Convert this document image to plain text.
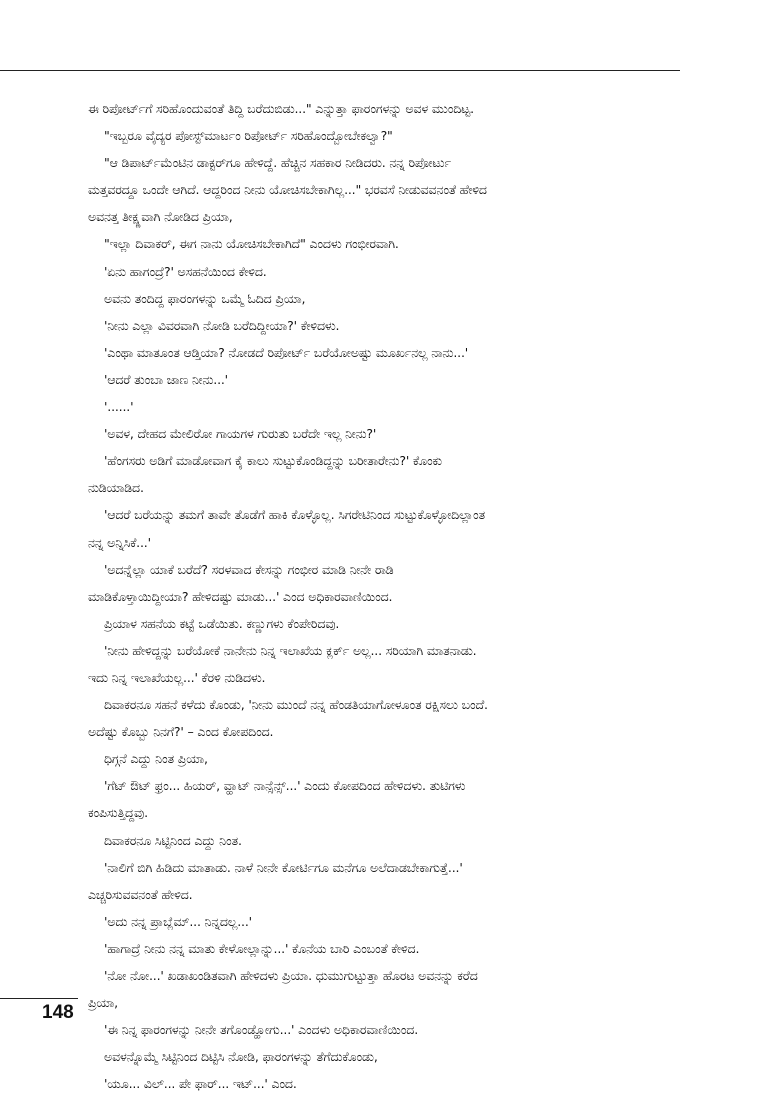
ಈ ರಿಪೋರ್ಟ್‌ಗೆ ಸರಿಹೊಂದುವಂತೆ ತಿದ್ದಿ ಬರೆದುಬಿಡು..." ಎನ್ನುತ್ತಾ ಫಾರಂಗಳನ್ನು ಅವಳ ಮುಂದಿಟ್ಟ.
"ಇಬ್ಬರೂ ವೈದ್ಯರ ಪೋಸ್ಟ್‌ಮಾರ್ಟಂ ರಿಪೋರ್ಟ್ ಸರಿಹೊಂದ್ಬೋಬೇಕಲ್ವಾ?"
"ಆ ಡಿಪಾರ್ಟ್‌ಮೆಂಟಿನ ಡಾಕ್ಟರ್‌ಗೂ ಹೇಳಿದ್ದೆ. ಹೆಚ್ಚಿನ ಸಹಕಾರ ನೀಡಿದರು. ನನ್ನ ರಿಪೋರ್ಟು
ಮತ್ತವರದ್ದೂ ಒಂದೇ ಆಗಿದೆ. ಆದ್ದರಿಂದ ನೀನು ಯೋಚಿಸಬೇಕಾಗಿಲ್ಲ..." ಭರವಸೆ ನೀಡುವವನಂತೆ ಹೇಳಿದ
ಅವನತ್ತ ತೀಕ್ಷ್ಣವಾಗಿ ನೋಡಿದ ಪ್ರಿಯಾ,
"ಇಲ್ಲಾ ದಿವಾಕರ್, ಈಗ ನಾನು ಯೋಚಿಸಬೇಕಾಗಿದೆ" ಎಂದಳು ಗಂಭೀರವಾಗಿ.
'ಏನು ಹಾಗಂದ್ರೆ?' ಅಸಹನೆಯಿಂದ ಕೇಳಿದ.
ಅವನು ತಂದಿದ್ದ ಫಾರಂಗಳನ್ನು ಒಮ್ಮೆ ಓದಿದ ಪ್ರಿಯಾ,
'ನೀನು ಎಲ್ಲಾ ವಿವರವಾಗಿ ನೋಡಿ ಬರೆದಿದ್ದೀಯಾ?' ಕೇಳಿದಳು.
'ಎಂಥಾ ಮಾತೂಂತ ಆಡ್ತಿಯಾ? ನೋಡದೆ ರಿಪೋರ್ಟ್ ಬರೆಯೋಅಷ್ಟು ಮೂರ್ಖನಲ್ಲ ನಾನು...'
'ಆದರೆ ತುಂಬಾ ಜಾಣ ನೀನು...'
'......'
'ಅವಳ, ದೇಹದ ಮೇಲಿರೋ ಗಾಯಗಳ ಗುರುತು ಬರೆದೇ ಇಲ್ಲ ನೀನು?'
'ಹೆಂಗಸರು ಅಡಿಗೆ ಮಾಡೋವಾಗ ಕೈ ಕಾಲು ಸುಟ್ಟುಕೊಂಡಿದ್ದನ್ನು ಬರೀತಾರೇನು?' ಕೊಂಕು
ನುಡಿಯಾಡಿದ.
'ಆದರೆ ಬರೆಯನ್ನು ತಮಗೆ ತಾವೇ ತೊಡೆಗೆ ಹಾಕಿ ಕೊಳ್ಳೊಲ್ಲ. ಸಿಗರೇಟಿನಿಂದ ಸುಟ್ಟುಕೊಳ್ಳೋದಿಲ್ಲಾಂತ
ನನ್ನ ಅನ್ನಿಸಿಕೆ...'
'ಅದನ್ನೆಲ್ಲಾ ಯಾಕೆ ಬರೆದೆ? ಸರಳವಾದ ಕೇಸನ್ನು ಗಂಭೀರ ಮಾಡಿ ನೀನೇ ರಾಡಿ
ಮಾಡಿಕೊಳ್ತಾಯಿದ್ದೀಯಾ? ಹೇಳಿದಷ್ಟು ಮಾಡು...' ಎಂದ ಅಧಿಕಾರವಾಣಿಯಿಂದ.
ಪ್ರಿಯಾಳ ಸಹನೆಯ ಕಟ್ಟೆ ಒಡೆಯಿತು. ಕಣ್ಣುಗಳು ಕೆಂಪೇರಿದವು.
'ನೀನು ಹೇಳಿದ್ದನ್ನು ಬರೆಯೋಕೆ ನಾನೇನು ನಿನ್ನ ಇಲಾಖೆಯ ಕ್ಲರ್ಕ್ ಅಲ್ಲ... ಸರಿಯಾಗಿ ಮಾತನಾಡು.
ಇದು ನಿನ್ನ ಇಲಾಖೆಯಲ್ಲ...' ಕೆರಳಿ ನುಡಿದಳು.
ದಿವಾಕರನೂ ಸಹನೆ ಕಳೆದು ಕೊಂಡು, 'ನೀನು ಮುಂದೆ ನನ್ನ ಹೆಂಡತಿಯಾಗೋಳೂಂತ ರಕ್ಷಿಸಲು ಬಂದೆ.
ಅದೆಷ್ಟು ಕೊಬ್ಬು ನಿನಗೆ?' – ಎಂದ ಕೋಪದಿಂದ.
ಧಿಗ್ಗನೆ ಎದ್ದು ನಿಂತ ಪ್ರಿಯಾ,
'ಗೆಟ್ ಔಟ್ ಫ್ರಂ... ಹಿಯರ್, ವ್ಹಾಟ್ ನಾನ್ಸೆನ್ಸ್...' ಎಂದು ಕೋಪದಿಂದ ಹೇಳಿದಳು. ತುಟಿಗಳು
ಕಂಪಿಸುತ್ತಿದ್ದವು.
ದಿವಾಕರನೂ ಸಿಟ್ಟಿನಿಂದ ಎದ್ದು ನಿಂತ.
'ನಾಲಿಗೆ ಬಿಗಿ ಹಿಡಿದು ಮಾತಾಡು. ನಾಳೆ ನೀನೇ ಕೋರ್ಟಿಗೂ ಮನೆಗೂ ಅಲೆದಾಡಬೇಕಾಗುತ್ತೆ...'
ಎಚ್ಚರಿಸುವವನಂತೆ ಹೇಳಿದ.
'ಅದು ನನ್ನ ಪ್ರಾಬ್ಲೆಮ್... ನಿನ್ನದಲ್ಲ...'
'ಹಾಗಾದ್ರೆ ನೀನು ನನ್ನ ಮಾತು ಕೇಳೋಲ್ಲಾನ್ನು...' ಕೊನೆಯ ಬಾರಿ ಎಂಬಂತೆ ಕೇಳಿದ.
'ನೋ ನೋ...' ಖಡಾಖಂಡಿತವಾಗಿ ಹೇಳಿದಳು ಪ್ರಿಯಾ. ಧುಮುಗುಟ್ಟುತ್ತಾ ಹೊರಟ ಅವನನ್ನು ಕರೆದ
ಪ್ರಿಯಾ,
'ಈ ನಿನ್ನ ಫಾರಂಗಳನ್ನು ನೀನೇ ತಗೊಂಡ್ಹೋಗು...' ಎಂದಳು ಅಧಿಕಾರವಾಣಿಯಿಂದ.
ಅವಳನ್ನೊಮ್ಮೆ ಸಿಟ್ಟಿನಿಂದ ದಿಟ್ಟಿಸಿ ನೋಡಿ, ಫಾರಂಗಳನ್ನು ತೆಗೆದುಕೊಂಡು,
'ಯೂ... ವಿಲ್... ಪೇ ಫಾರ್... ಇಟ್...' ಎಂದ.
148
